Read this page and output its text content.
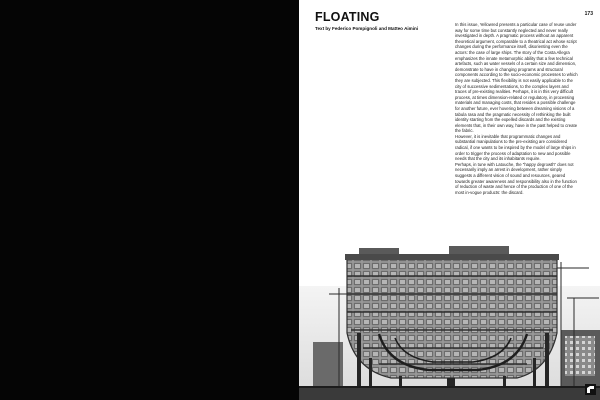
173
FLOATING
Text by Federico Pompignoli and Matteo Aimini

In this issue, Yellowred presents a particular case of reuse under way for some time but constantly neglected and never really investigated in depth. A pragmatic process without an apparent theoretical argument, comparable to a theatrical act whose script changes during the performance itself, disorienting even the actors: the case of large ships. The story of the Costa Allegra emphasizes the innate metamorphic ability that a few technical artefacts, such as water vessels of a certain size and dimension, demonstrate to have in changing programs and structural components according to the socio-economic processes to which they are subjected. This flexibility is not easily applicable to the city of successive sedimentations, to the complex layers and traces of pre-existing realities. Perhaps, it is in this very difficult process, at times dimension-related or regulatory, in processing materials and managing costs, that resides a possible challenge for another future, ever hovering between dreaming visions of a tabula rasa and the pragmatic necessity of rethinking the built identity starting from the expelled discards and the existing elements that, in their own way, have in the past helped to create the fabric.

However, it is inevitable that programmatic changes and substantial manipulations to the pre-existing are considered radical, if one wants to be inspired by the model of large ships in order to trigger the process of adaptation to new and possible needs that the city and its inhabitants require.

Perhaps, in tune with Latouche, the "happy degrowth" does not necessarily imply an arrest in development, rather simply suggests a different vision of sound and resources, geared towards greater awareness and responsibility also in the function of reduction of waste and hence of the production of one of the most in-vogue products: the discard.
